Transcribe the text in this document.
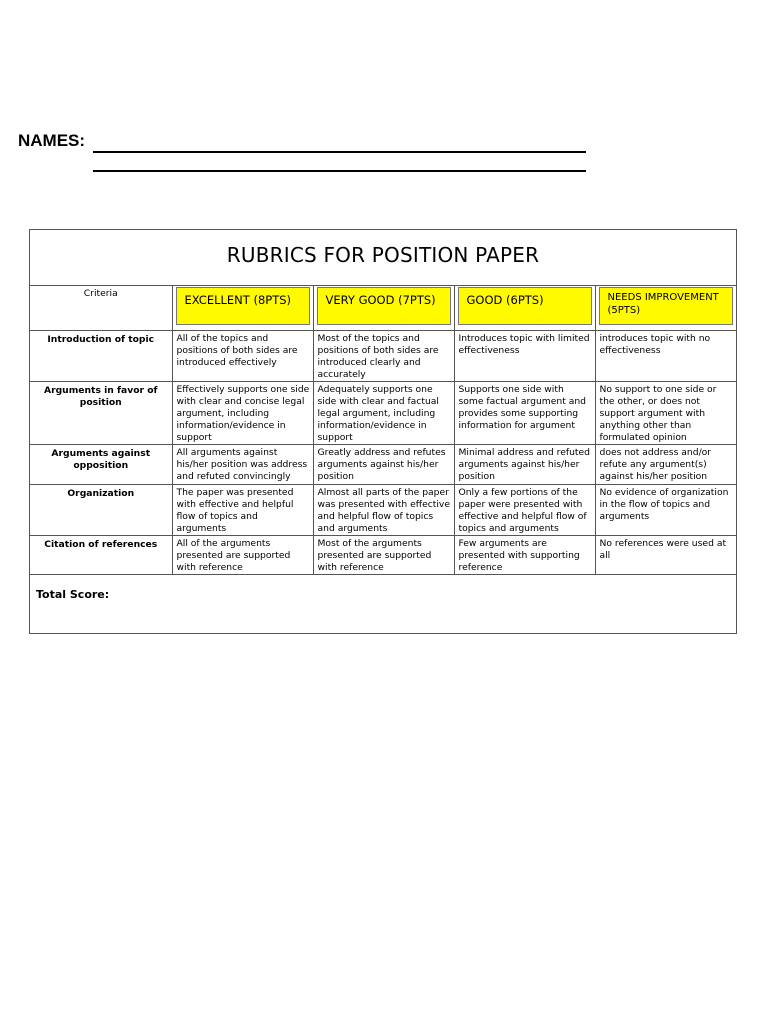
NAMES:
RUBRICS FOR POSITION PAPER
Criteria	EXCELLENT (8PTS)	VERY GOOD (7PTS)	GOOD (6PTS)	NEEDS IMPROVEMENT (5PTS)

Introduction of topic	All of the topics and positions of both sides are introduced effectively	Most of the topics and positions of both sides are introduced clearly and accurately	Introduces topic with limited effectiveness	introduces topic with no effectiveness
Arguments in favor of position	Effectively supports one side with clear and concise legal argument, including information/evidence in support	Adequately supports one side with clear and factual legal argument, including information/evidence in support	Supports one side with some factual argument and provides some supporting information for argument	No support to one side or the other, or does not support argument with anything other than formulated opinion
Arguments against opposition	All arguments against his/her position was address and refuted convincingly	Greatly address and refutes arguments against his/her position	Minimal address and refuted arguments against his/her position	does not address and/or refute any argument(s) against his/her position
Organization	The paper was presented with effective and helpful flow of topics and arguments	Almost all parts of the paper was presented with effective and helpful flow of topics and arguments	Only a few portions of the paper were presented with effective and helpful flow of topics and arguments	No evidence of organization in the flow of topics and arguments
Citation of references	All of the arguments presented are supported with reference	Most of the arguments presented are supported with reference	Few arguments are presented with supporting reference	No references were used at all
Total Score:
